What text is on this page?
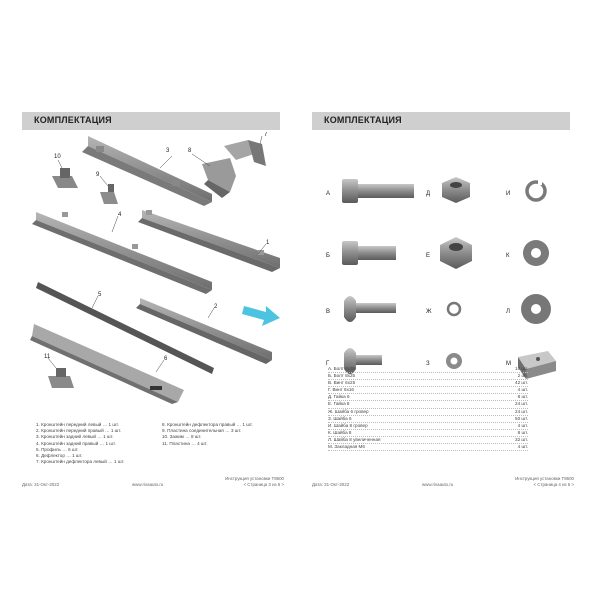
КОМПЛЕКТАЦИЯ
3	8
7
10
9
4
1
5
2
6
11
1. Кронштейн передний левый … 1 шт.
2. Кронштейн передний правый … 1 шт.
3. Кронштейн задний левый … 1 шт.
4. Кронштейн задний правый … 1 шт.
5. Профиль … 6 шт.
6. Дефлектор … 1 шт.
7. Кронштейн дефлектора левый … 1 шт.
8. Кронштейн дефлектора правый … 1 шт.
9. Пластина соединительная … 3 шт.
10. Зажим … 8 шт.
11. Пластина … 4 шт.
Дата: 31-Окт-2022	www.rivaauto.ru
Инструкция установки T8600
< Страница 3 из 6 >
КОМПЛЕКТАЦИЯ
А
Б
В
Г
Д
Е
Ж
З
И
К
Л
М
А. Болт 8х35	16 шт.
Б. Болт 8х25	2 шт.
В. Винт 6х25	42 шт.
Г. Винт 6х16	4 шт.
Д. Гайка 6	8 шт.
Е. Гайка 8	24 шт.
Ж. Шайба 6 гровер	24 шт.
З. Шайба 6	50 шт.
И. Шайба 8 гровер	4 шт.
К. Шайба 8	8 шт.
Л. Шайба 8 увеличенная	32 шт.
М. Закладная М6	4 шт.
Дата: 31-Окт-2022	www.rivaauto.ru
Инструкция установки T8600
< Страница 4 из 6 >
